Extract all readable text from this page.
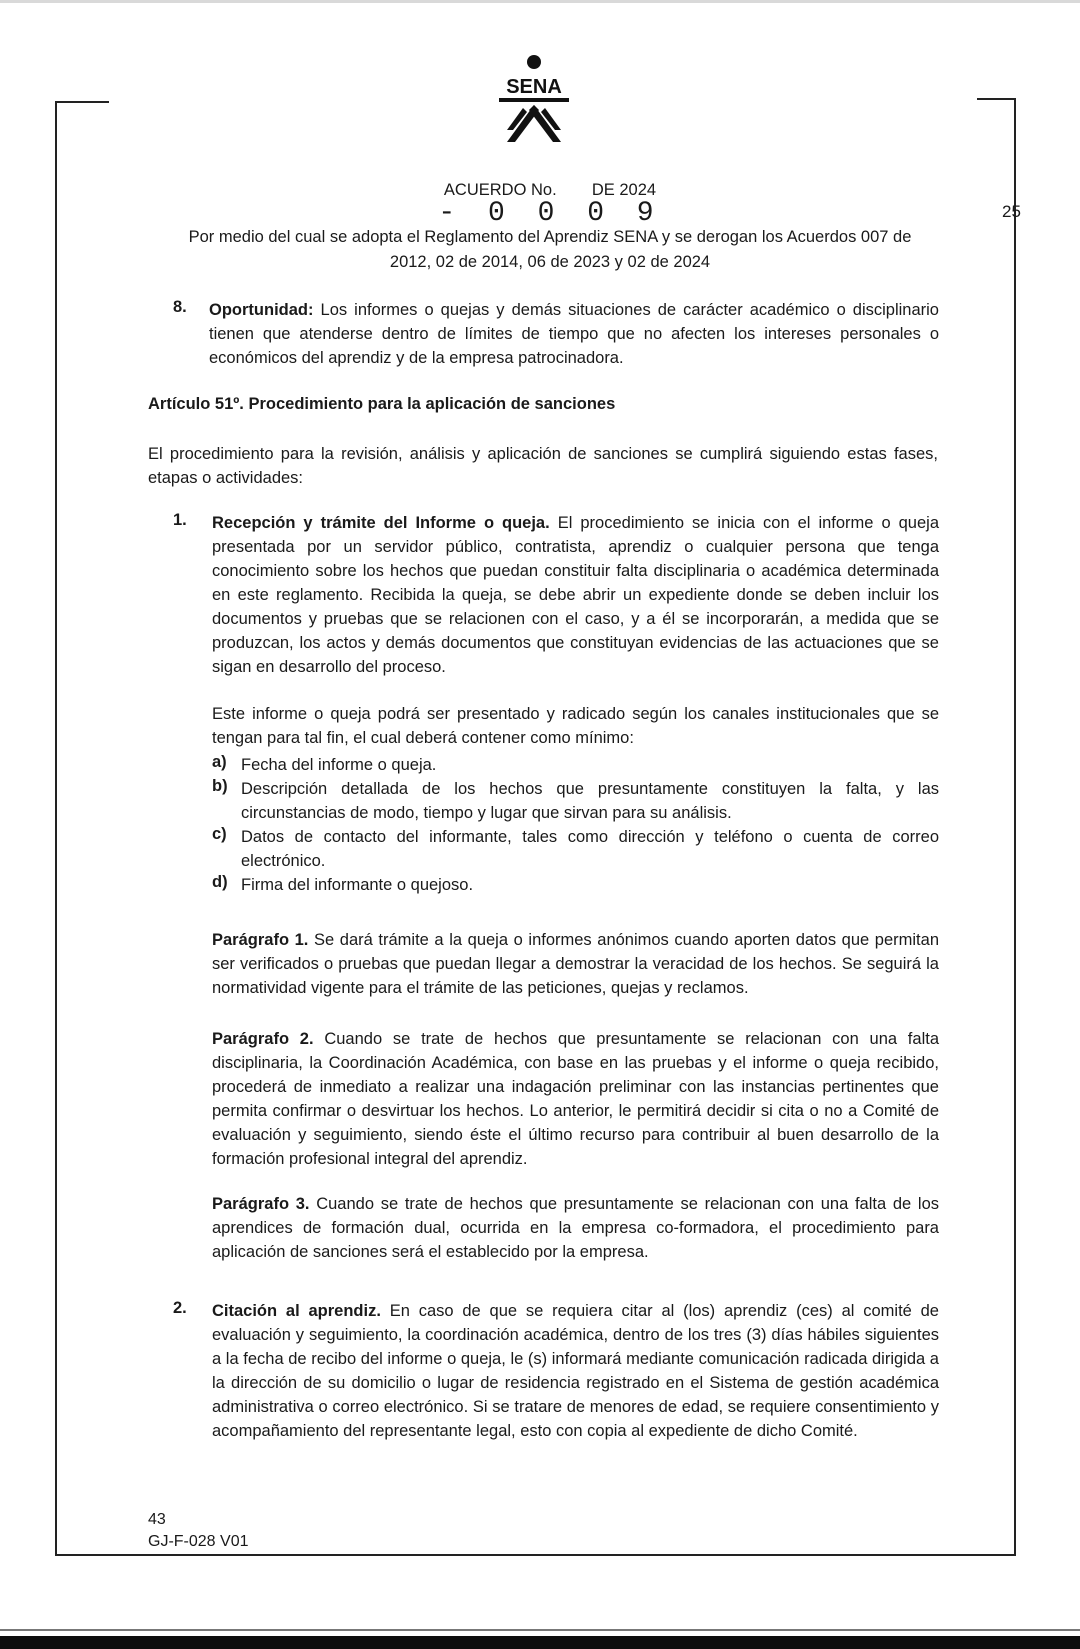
SENA
ACUERDO No. DE 2024
- 0 0 0 9	25
Por medio del cual se adopta el Reglamento del Aprendiz SENA y se derogan los Acuerdos 007 de
2012, 02 de 2014, 06 de 2023 y 02 de 2024
8. Oportunidad: Los informes o quejas y demás situaciones de carácter académico o disciplinario tienen que atenderse dentro de límites de tiempo que no afecten los intereses personales o económicos del aprendiz y de la empresa patrocinadora.
Artículo 51º. Procedimiento para la aplicación de sanciones
El procedimiento para la revisión, análisis y aplicación de sanciones se cumplirá siguiendo estas fases, etapas o actividades:
1. Recepción y trámite del Informe o queja. El procedimiento se inicia con el informe o queja presentada por un servidor público, contratista, aprendiz o cualquier persona que tenga conocimiento sobre los hechos que puedan constituir falta disciplinaria o académica determinada en este reglamento. Recibida la queja, se debe abrir un expediente donde se deben incluir los documentos y pruebas que se relacionen con el caso, y a él se incorporarán, a medida que se produzcan, los actos y demás documentos que constituyan evidencias de las actuaciones que se sigan en desarrollo del proceso.
Este informe o queja podrá ser presentado y radicado según los canales institucionales que se tengan para tal fin, el cual deberá contener como mínimo:
a) Fecha del informe o queja.
b) Descripción detallada de los hechos que presuntamente constituyen la falta, y las circunstancias de modo, tiempo y lugar que sirvan para su análisis.
c) Datos de contacto del informante, tales como dirección y teléfono o cuenta de correo electrónico.
d) Firma del informante o quejoso.
Parágrafo 1. Se dará trámite a la queja o informes anónimos cuando aporten datos que permitan ser verificados o pruebas que puedan llegar a demostrar la veracidad de los hechos. Se seguirá la normatividad vigente para el trámite de las peticiones, quejas y reclamos.
Parágrafo 2. Cuando se trate de hechos que presuntamente se relacionan con una falta disciplinaria, la Coordinación Académica, con base en las pruebas y el informe o queja recibido, procederá de inmediato a realizar una indagación preliminar con las instancias pertinentes que permita confirmar o desvirtuar los hechos. Lo anterior, le permitirá decidir si cita o no a Comité de evaluación y seguimiento, siendo éste el último recurso para contribuir al buen desarrollo de la formación profesional integral del aprendiz.
Parágrafo 3. Cuando se trate de hechos que presuntamente se relacionan con una falta de los aprendices de formación dual, ocurrida en la empresa co-formadora, el procedimiento para aplicación de sanciones será el establecido por la empresa.
2. Citación al aprendiz. En caso de que se requiera citar al (los) aprendiz (ces) al comité de evaluación y seguimiento, la coordinación académica, dentro de los tres (3) días hábiles siguientes a la fecha de recibo del informe o queja, le (s) informará mediante comunicación radicada dirigida a la dirección de su domicilio o lugar de residencia registrado en el Sistema de gestión académica administrativa o correo electrónico. Si se tratare de menores de edad, se requiere consentimiento y acompañamiento del representante legal, esto con copia al expediente de dicho Comité.
43
GJ-F-028 V01
